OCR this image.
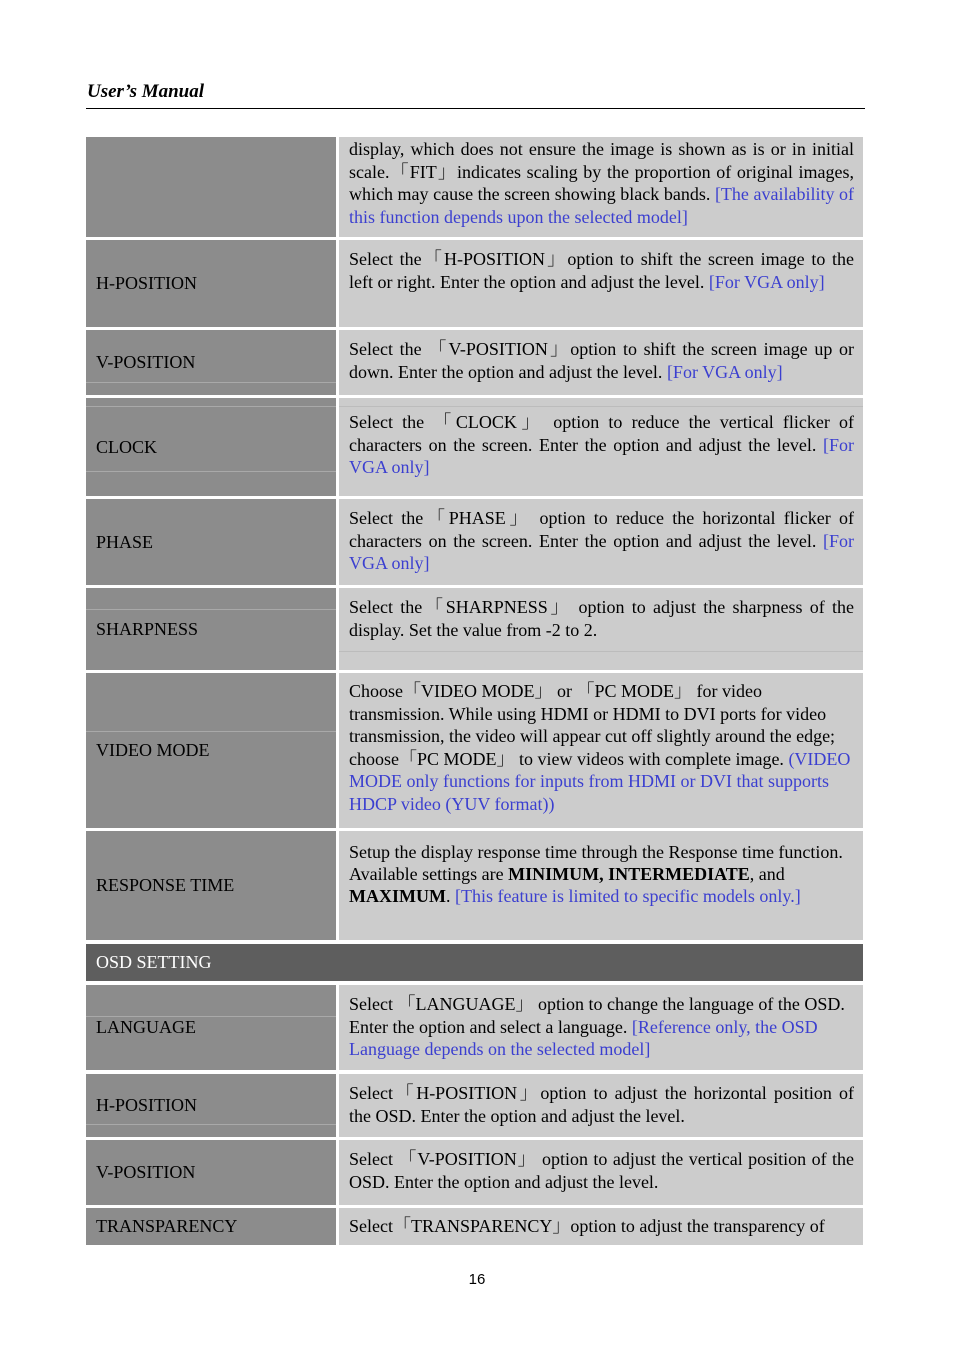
User’s Manual
display, which does not ensure the image is shown as is or in initial scale.「FIT」indicates scaling by the proportion of original images, which may cause the screen showing black bands. [The availability of this function depends upon the selected model]
H-POSITION
Select the「H-POSITION」option to shift the screen image to the left or right. Enter the option and adjust the level. [For VGA only]
V-POSITION
Select the 「V-POSITION」option to shift the screen image up or down. Enter the option and adjust the level. [For VGA only]
CLOCK
Select the 「CLOCK」 option to reduce the vertical flicker of characters on the screen. Enter the option and adjust the level. [For VGA only]
PHASE
Select the「PHASE」 option to reduce the horizontal flicker of characters on the screen. Enter the option and adjust the level. [For VGA only]
SHARPNESS
Select the「SHARPNESS」 option to adjust the sharpness of the display. Set the value from -2 to 2.
VIDEO MODE
Choose「VIDEO MODE」 or 「PC MODE」 for video transmission. While using HDMI or HDMI to DVI ports for video transmission, the video will appear cut off slightly around the edge; choose「PC MODE」 to view videos with complete image. (VIDEO MODE only functions for inputs from HDMI or DVI that supports HDCP video (YUV format))
RESPONSE TIME
Setup the display response time through the Response time function. Available settings are MINIMUM, INTERMEDIATE, and MAXIMUM. [This feature is limited to specific models only.]
OSD SETTING
LANGUAGE
Select 「LANGUAGE」 option to change the language of the OSD. Enter the option and select a language. [Reference only, the OSD Language depends on the selected model]
H-POSITION
Select「H-POSITION」option to adjust the horizontal position of the OSD. Enter the option and adjust the level.
V-POSITION
Select 「V-POSITION」 option to adjust the vertical position of the OSD. Enter the option and adjust the level.
TRANSPARENCY	Select「TRANSPARENCY」option to adjust the transparency of
16
